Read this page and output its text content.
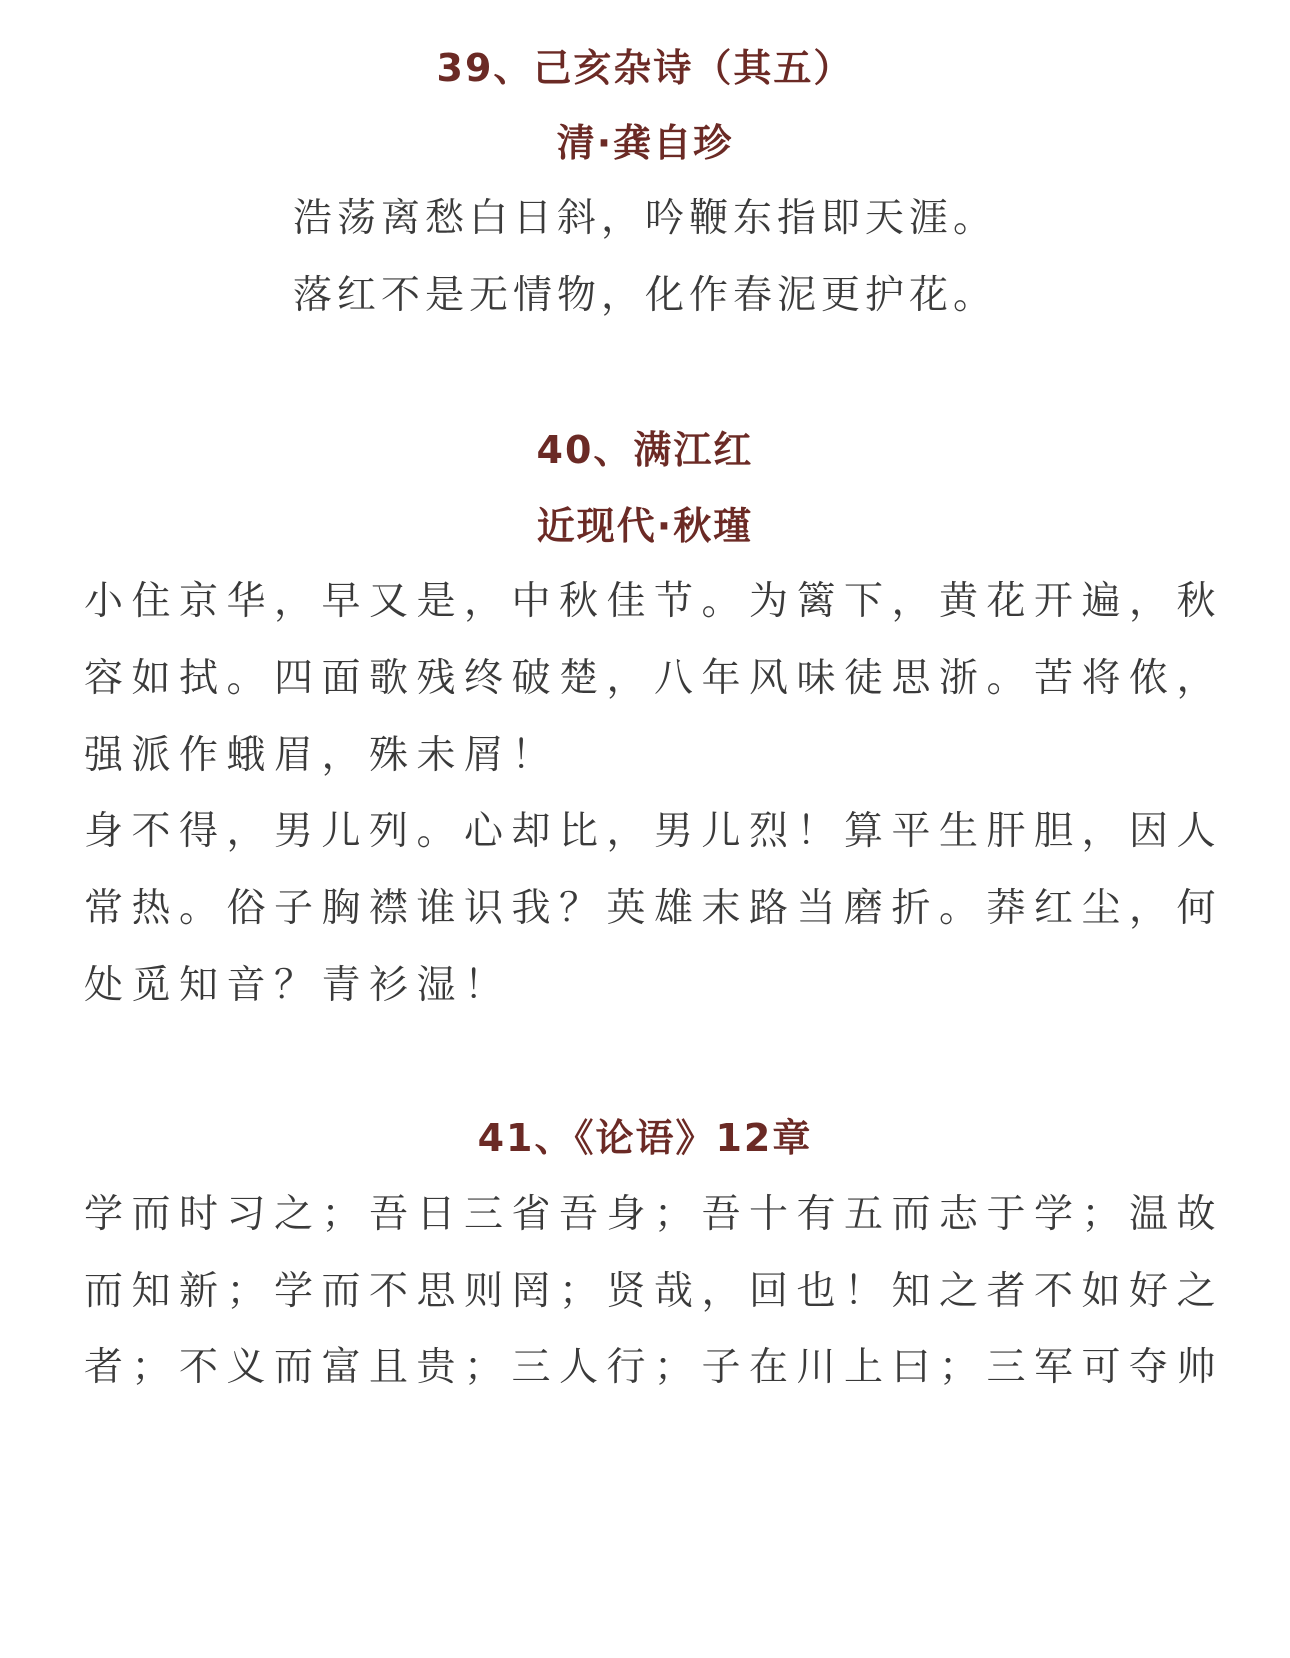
39、己亥杂诗（其五）
清·龚自珍
浩荡离愁白日斜，吟鞭东指即天涯。
落红不是无情物，化作春泥更护花。
40、满江红
近现代·秋瑾
小住京华，早又是，中秋佳节。为篱下，黄花开遍，秋
容如拭。四面歌残终破楚，八年风味徒思浙。苦将侬，
强派作蛾眉，殊未屑！
身不得，男儿列。心却比，男儿烈！算平生肝胆，因人
常热。俗子胸襟谁识我？英雄末路当磨折。莽红尘，何
处觅知音？青衫湿！
41、《论语》12章
学而时习之；吾日三省吾身；吾十有五而志于学；温故
而知新；学而不思则罔；贤哉，回也！知之者不如好之
者；不义而富且贵；三人行；子在川上曰；三军可夺帅
